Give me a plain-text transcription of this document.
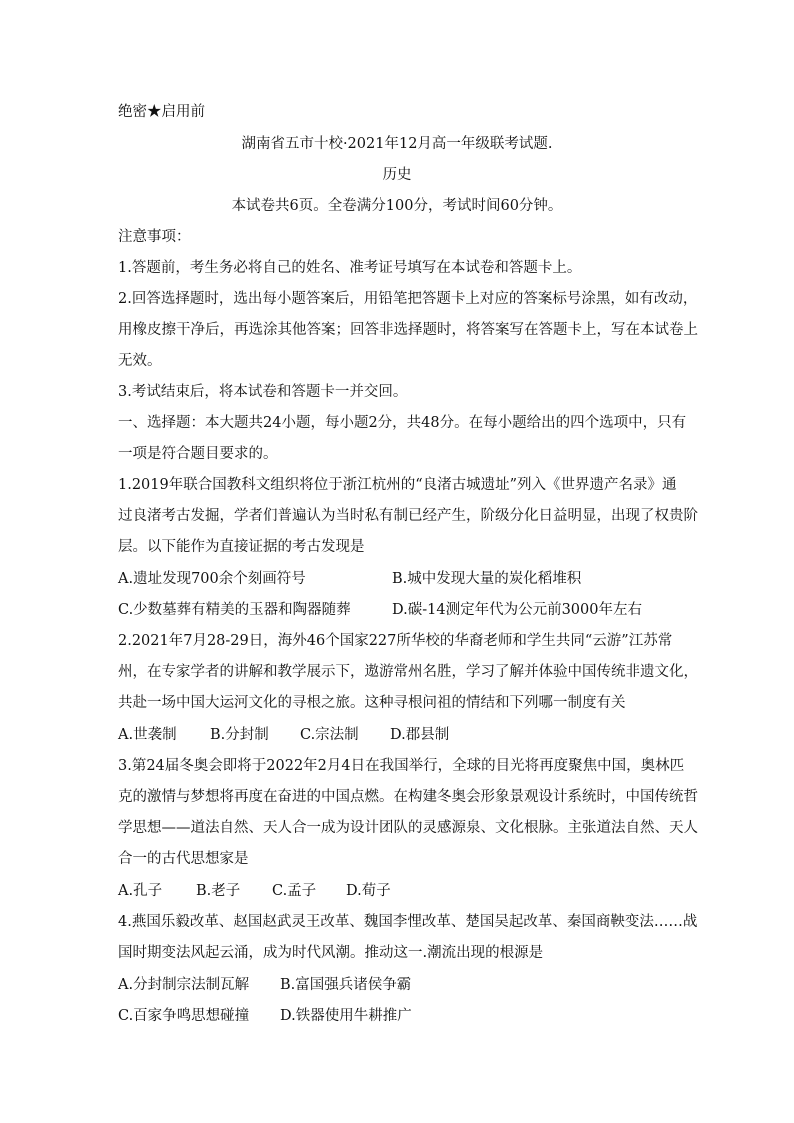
绝密★启用前
湖南省五市十校·2021年12月高一年级联考试题.
历史
本试卷共6页。全卷满分100分，考试时间60分钟。
注意事项：
1.答题前，考生务必将自己的姓名、准考证号填写在本试卷和答题卡上。
2.回答选择题时，选出每小题答案后，用铅笔把答题卡上对应的答案标号涂黑，如有改动，
用橡皮擦干净后，再选涂其他答案；回答非选择题时，将答案写在答题卡上，写在本试卷上
无效。
3.考试结束后，将本试卷和答题卡一并交回。
一、选择题：本大题共24小题，每小题2分，共48分。在每小题给出的四个选项中，只有
一项是符合题目要求的。
1.2019年联合国教科文组织将位于浙江杭州的“良渚古城遗址”列入《世界遗产名录》通
过良渚考古发掘，学者们普遍认为当时私有制已经产生，阶级分化日益明显，出现了权贵阶
层。以下能作为直接证据的考古发现是
A.遗址发现700余个刻画符号	B.城中发现大量的炭化稻堆积
C.少数墓葬有精美的玉器和陶器随葬	D.碳-14测定年代为公元前3000年左右
2.2021年7月28-29日，海外46个国家227所华校的华裔老师和学生共同“云游”江苏常
州，在专家学者的讲解和教学展示下，遨游常州名胜，学习了解并体验中国传统非遗文化，
共赴一场中国大运河文化的寻根之旅。这种寻根问祖的情结和下列哪一制度有关
A.世袭制 B.分封制 C.宗法制 D.郡县制
3.第24届冬奥会即将于2022年2月4日在我国举行，全球的目光将再度聚焦中国，奥林匹
克的激情与梦想将再度在奋进的中国点燃。在构建冬奥会形象景观设计系统时，中国传统哲
学思想——道法自然、天人合一成为设计团队的灵感源泉、文化根脉。主张道法自然、天人
合一的古代思想家是
A.孔子 B.老子 C.孟子 D.荀子
4.燕国乐毅改革、赵国赵武灵王改革、魏国李悝改革、楚国吴起改革、秦国商鞅变法……战
国时期变法风起云涌，成为时代风潮。推动这一.潮流出现的根源是
A.分封制宗法制瓦解 B.富国强兵诸侯争霸
C.百家争鸣思想碰撞 D.铁器使用牛耕推广
